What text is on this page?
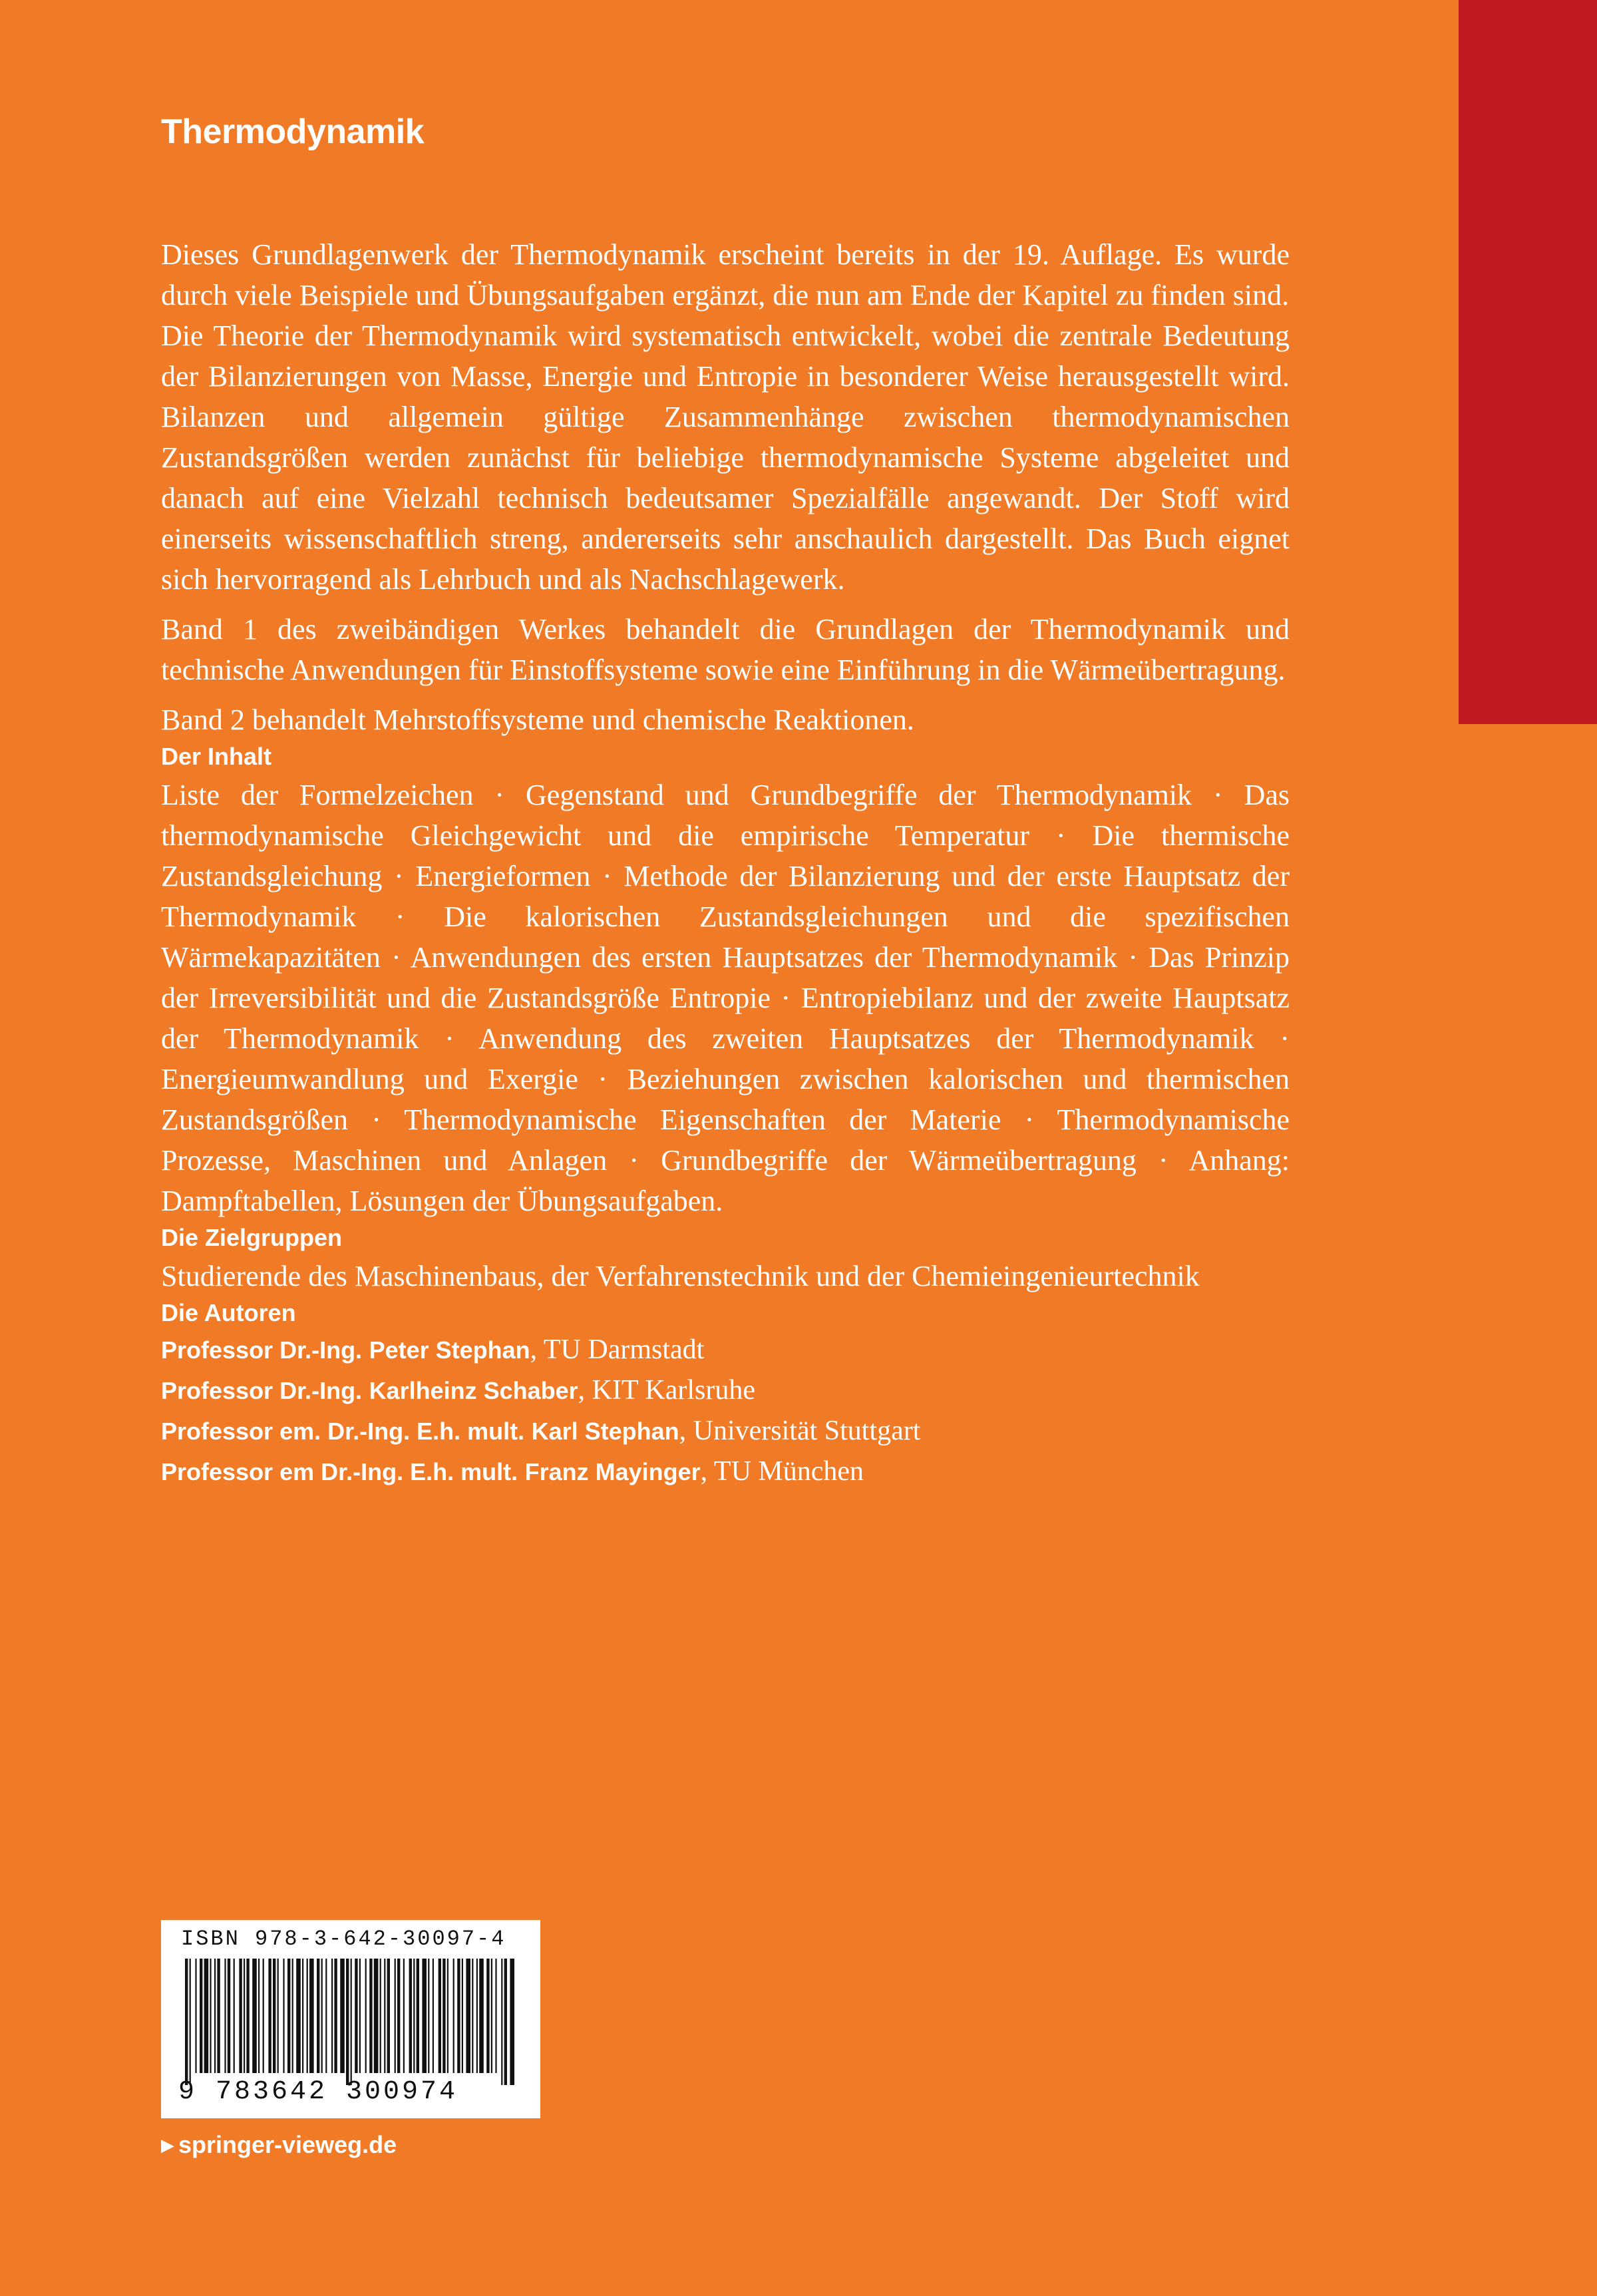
Thermodynamik

Dieses Grundlagenwerk der Thermodynamik erscheint bereits in der 19. Auflage. Es wurde durch viele Beispiele und Übungsaufgaben ergänzt, die nun am Ende der Kapitel zu finden sind.

Die Theorie der Thermodynamik wird systematisch entwickelt, wobei die zentrale Bedeutung der Bilanzierungen von Masse, Energie und Entropie in besonderer Weise herausgestellt wird. Bilanzen und allgemein gültige Zusammenhänge zwischen thermodynamischen Zustandsgrößen werden zunächst für beliebige thermodynamische Systeme abgeleitet und danach auf eine Vielzahl technisch bedeutsamer Spezialfälle angewandt. Der Stoff wird einerseits wissenschaftlich streng, andererseits sehr anschaulich dargestellt. Das Buch eignet sich hervorragend als Lehrbuch und als Nachschlagewerk.

Band 1 des zweibändigen Werkes behandelt die Grundlagen der Thermodynamik und technische Anwendungen für Einstoffsysteme sowie eine Einführung in die Wärmeübertragung.

Band 2 behandelt Mehrstoffsysteme und chemische Reaktionen.

Der Inhalt

Liste der Formelzeichen · Gegenstand und Grundbegriffe der Thermodynamik · Das thermodynamische Gleichgewicht und die empirische Temperatur · Die thermische Zustandsgleichung · Energieformen · Methode der Bilanzierung und der erste Hauptsatz der Thermodynamik · Die kalorischen Zustandsgleichungen und die spezifischen Wärmekapazitäten · Anwendungen des ersten Hauptsatzes der Thermodynamik · Das Prinzip der Irreversibilität und die Zustandsgröße Entropie · Entropiebilanz und der zweite Hauptsatz der Thermodynamik · Anwendung des zweiten Hauptsatzes der Thermodynamik · Energieumwandlung und Exergie · Beziehungen zwischen kalorischen und thermischen Zustandsgrößen · Thermodynamische Eigenschaften der Materie · Thermodynamische Prozesse, Maschinen und Anlagen · Grundbegriffe der Wärmeübertragung · Anhang: Dampftabellen, Lösungen der Übungsaufgaben.

Die Zielgruppen

Studierende des Maschinenbaus, der Verfahrenstechnik und der Chemieingenieurtechnik

Die Autoren

Professor Dr.-Ing. Peter Stephan, TU Darmstadt

Professor Dr.-Ing. Karlheinz Schaber, KIT Karlsruhe

Professor em. Dr.-Ing. E.h. mult. Karl Stephan, Universität Stuttgart

Professor em Dr.-Ing. E.h. mult. Franz Mayinger, TU München

ISBN 978-3-642-30097-4
9 783642 300974
▶ springer-vieweg.de
